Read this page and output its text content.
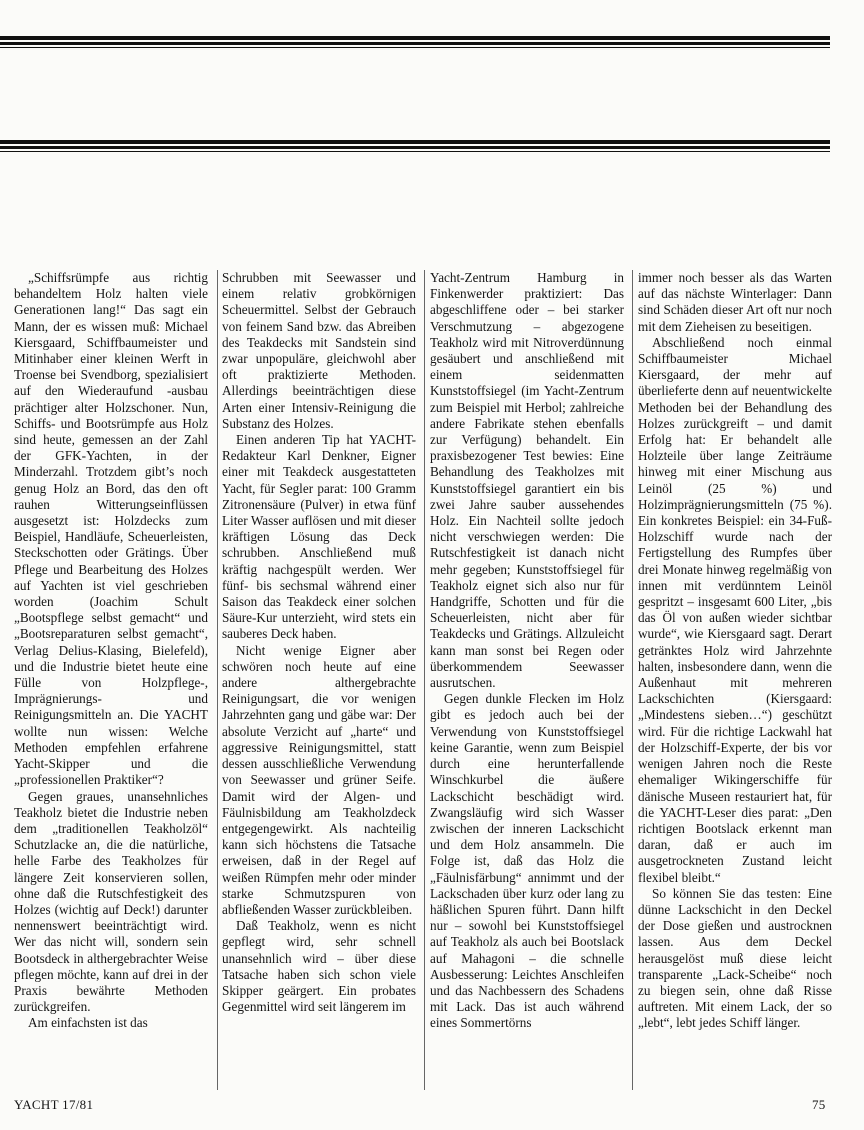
„Schiffsrümpfe aus richtig behandeltem Holz halten viele Generationen lang!“ Das sagt ein Mann, der es wissen muß: Michael Kiersgaard, Schiffbaumeister und Mitinhaber einer kleinen Werft in Troense bei Svendborg, spezialisiert auf den Wiederaufund -ausbau prächtiger alter Holzschoner. Nun, Schiffs- und Bootsrümpfe aus Holz sind heute, gemessen an der Zahl der GFK-Yachten, in der Minderzahl. Trotzdem gibt’s noch genug Holz an Bord, das den oft rauhen Witterungseinflüssen ausgesetzt ist: Holzdecks zum Beispiel, Handläufe, Scheuerleisten, Steckschotten oder Grätings. Über Pflege und Bearbeitung des Holzes auf Yachten ist viel geschrieben worden (Joachim Schult „Bootspflege selbst gemacht“ und „Bootsreparaturen selbst gemacht“, Verlag Delius-Klasing, Bielefeld), und die Industrie bietet heute eine Fülle von Holzpflege-, Imprägnierungs- und Reinigungsmitteln an. Die YACHT wollte nun wissen: Welche Methoden empfehlen erfahrene Yacht-Skipper und die „professionellen Praktiker“?

Gegen graues, unansehnliches Teakholz bietet die Industrie neben dem „traditionellen Teakholzöl“ Schutzlacke an, die die natürliche, helle Farbe des Teakholzes für längere Zeit konservieren sollen, ohne daß die Rutschfestigkeit des Holzes (wichtig auf Deck!) darunter nennenswert beeinträchtigt wird. Wer das nicht will, sondern sein Bootsdeck in althergebrachter Weise pflegen möchte, kann auf drei in der Praxis bewährte Methoden zurückgreifen.

Am einfachsten ist das

Schrubben mit Seewasser und einem relativ grobkörnigen Scheuermittel. Selbst der Gebrauch von feinem Sand bzw. das Abreiben des Teakdecks mit Sandstein sind zwar unpopuläre, gleichwohl aber oft praktizierte Methoden. Allerdings beeinträchtigen diese Arten einer Intensiv-Reinigung die Substanz des Holzes.

Einen anderen Tip hat YACHT-Redakteur Karl Denkner, Eigner einer mit Teakdeck ausgestatteten Yacht, für Segler parat: 100 Gramm Zitronensäure (Pulver) in etwa fünf Liter Wasser auflösen und mit dieser kräftigen Lösung das Deck schrubben. Anschließend muß kräftig nachgespült werden. Wer fünf- bis sechsmal während einer Saison das Teakdeck einer solchen Säure-Kur unterzieht, wird stets ein sauberes Deck haben.

Nicht wenige Eigner aber schwören noch heute auf eine andere althergebrachte Reinigungsart, die vor wenigen Jahrzehnten gang und gäbe war: Der absolute Verzicht auf „harte“ und aggressive Reinigungsmittel, statt dessen ausschließliche Verwendung von Seewasser und grüner Seife. Damit wird der Algen- und Fäulnisbildung am Teakholzdeck entgegengewirkt. Als nachteilig kann sich höchstens die Tatsache erweisen, daß in der Regel auf weißen Rümpfen mehr oder minder starke Schmutzspuren von abfließenden Wasser zurückbleiben.

Daß Teakholz, wenn es nicht gepflegt wird, sehr schnell unansehnlich wird – über diese Tatsache haben sich schon viele Skipper geärgert. Ein probates Gegenmittel wird seit längerem im

Yacht-Zentrum Hamburg in Finkenwerder praktiziert: Das abgeschliffene oder – bei starker Verschmutzung – abgezogene Teakholz wird mit Nitroverdünnung gesäubert und anschließend mit einem seidenmatten Kunststoffsiegel (im Yacht-Zentrum zum Beispiel mit Herbol; zahlreiche andere Fabrikate stehen ebenfalls zur Verfügung) behandelt. Ein praxisbezogener Test bewies: Eine Behandlung des Teakholzes mit Kunststoffsiegel garantiert ein bis zwei Jahre sauber aussehendes Holz. Ein Nachteil sollte jedoch nicht verschwiegen werden: Die Rutschfestigkeit ist danach nicht mehr gegeben; Kunststoffsiegel für Teakholz eignet sich also nur für Handgriffe, Schotten und für die Scheuerleisten, nicht aber für Teakdecks und Grätings. Allzuleicht kann man sonst bei Regen oder überkommendem Seewasser ausrutschen.

Gegen dunkle Flecken im Holz gibt es jedoch auch bei der Verwendung von Kunststoffsiegel keine Garantie, wenn zum Beispiel durch eine herunterfallende Winschkurbel die äußere Lackschicht beschädigt wird. Zwangsläufig wird sich Wasser zwischen der inneren Lackschicht und dem Holz ansammeln. Die Folge ist, daß das Holz die „Fäulnisfärbung“ annimmt und der Lackschaden über kurz oder lang zu häßlichen Spuren führt. Dann hilft nur – sowohl bei Kunststoffsiegel auf Teakholz als auch bei Bootslack auf Mahagoni – die schnelle Ausbesserung: Leichtes Anschleifen und das Nachbessern des Schadens mit Lack. Das ist auch während eines Sommertörns

immer noch besser als das Warten auf das nächste Winterlager: Dann sind Schäden dieser Art oft nur noch mit dem Zieheisen zu beseitigen.

Abschließend noch einmal Schiffbaumeister Michael Kiersgaard, der mehr auf überlieferte denn auf neuentwickelte Methoden bei der Behandlung des Holzes zurückgreift – und damit Erfolg hat: Er behandelt alle Holzteile über lange Zeiträume hinweg mit einer Mischung aus Leinöl (25 %) und Holzimprägnierungsmitteln (75 %). Ein konkretes Beispiel: ein 34-Fuß-Holzschiff wurde nach der Fertigstellung des Rumpfes über drei Monate hinweg regelmäßig von innen mit verdünntem Leinöl gespritzt – insgesamt 600 Liter, „bis das Öl von außen wieder sichtbar wurde“, wie Kiersgaard sagt. Derart getränktes Holz wird Jahrzehnte halten, insbesondere dann, wenn die Außenhaut mit mehreren Lackschichten (Kiersgaard: „Mindestens sieben…“) geschützt wird. Für die richtige Lackwahl hat der Holzschiff-Experte, der bis vor wenigen Jahren noch die Reste ehemaliger Wikingerschiffe für dänische Museen restauriert hat, für die YACHT-Leser dies parat: „Den richtigen Bootslack erkennt man daran, daß er auch im ausgetrockneten Zustand leicht flexibel bleibt.“

So können Sie das testen: Eine dünne Lackschicht in den Deckel der Dose gießen und austrocknen lassen. Aus dem Deckel herausgelöst muß diese leicht transparente „Lack-Scheibe“ noch zu biegen sein, ohne daß Risse auftreten. Mit einem Lack, der so „lebt“, lebt jedes Schiff länger.

YACHT 17/81	75
